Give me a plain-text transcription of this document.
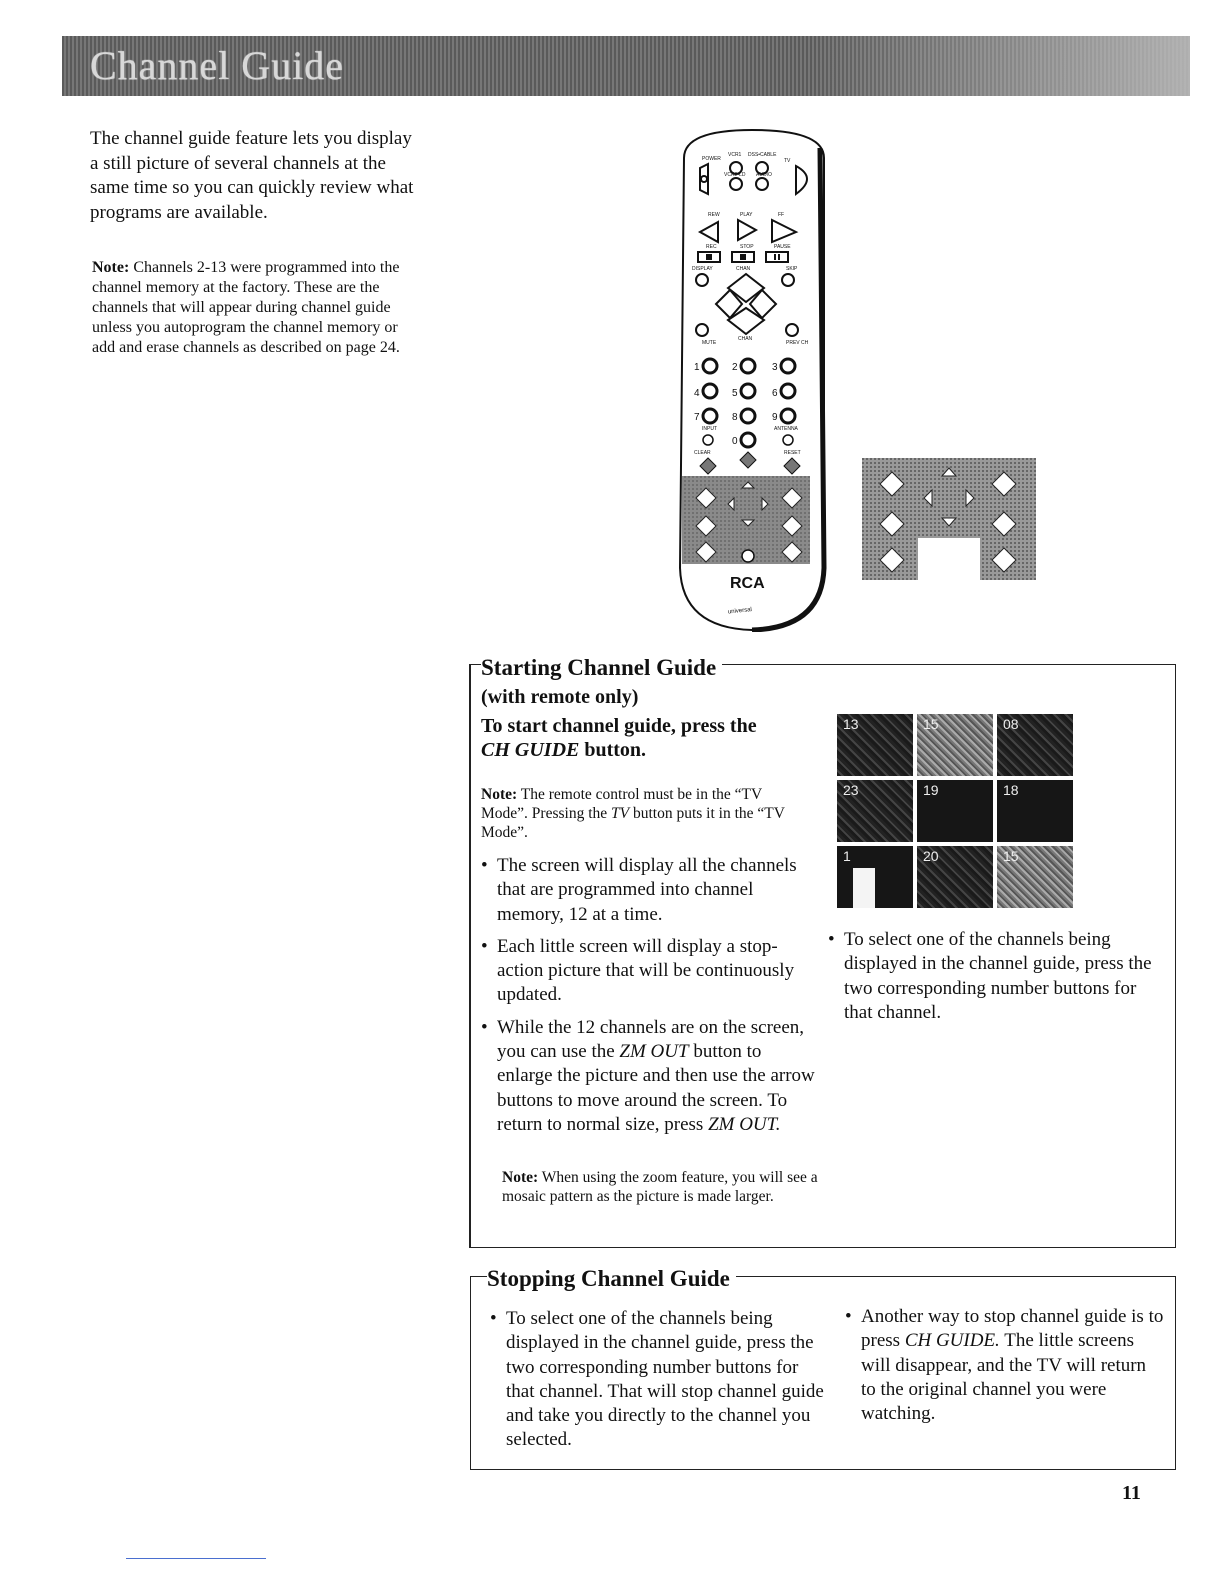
Channel Guide

The channel guide feature lets you display a still picture of several channels at the same time so you can quickly review what programs are available.

Note: Channels 2-13 were programmed into the channel memory at the factory. These are the channels that will appear during channel guide unless you autoprogram the channel memory or add and erase channels as described on page 24.
POWER
VCR1 DSS•CABLE
TV
VCR2•LD AUDIO
REW	PLAY	FF
REC	STOP	PAUSE
DISPLAY	CHAN	SKIP
MUTE
CHAN
PREV CH
INPUT	ANTENNA
CLEAR	RESET
1	2	3
4	5	6
7	8	9
0
RCA
universal
Starting Channel Guide
(with remote only)
To start channel guide, press the
CH GUIDE button.
Note: The remote control must be in the “TV Mode”. Pressing the TV button puts it in the “TV Mode”.
• The screen will display all the channels that are programmed into channel memory, 12 at a time.
• Each little screen will display a stop-action picture that will be continuously updated.
• While the 12 channels are on the screen, you can use the ZM OUT button to enlarge the picture and then use the arrow buttons to move around the screen. To return to normal size, press ZM OUT.
Note: When using the zoom feature, you will see a mosaic pattern as the picture is made larger.
13	15	08
23	19	18
1	20	15
• To select one of the channels being displayed in the channel guide, press the two corresponding number buttons for that channel.
Stopping Channel Guide
• To select one of the channels being displayed in the channel guide, press the two corresponding number buttons for that channel. That will stop channel guide and take you directly to the channel you selected.
• Another way to stop channel guide is to press CH GUIDE. The little screens will disappear, and the TV will return to the original channel you were watching.
11
